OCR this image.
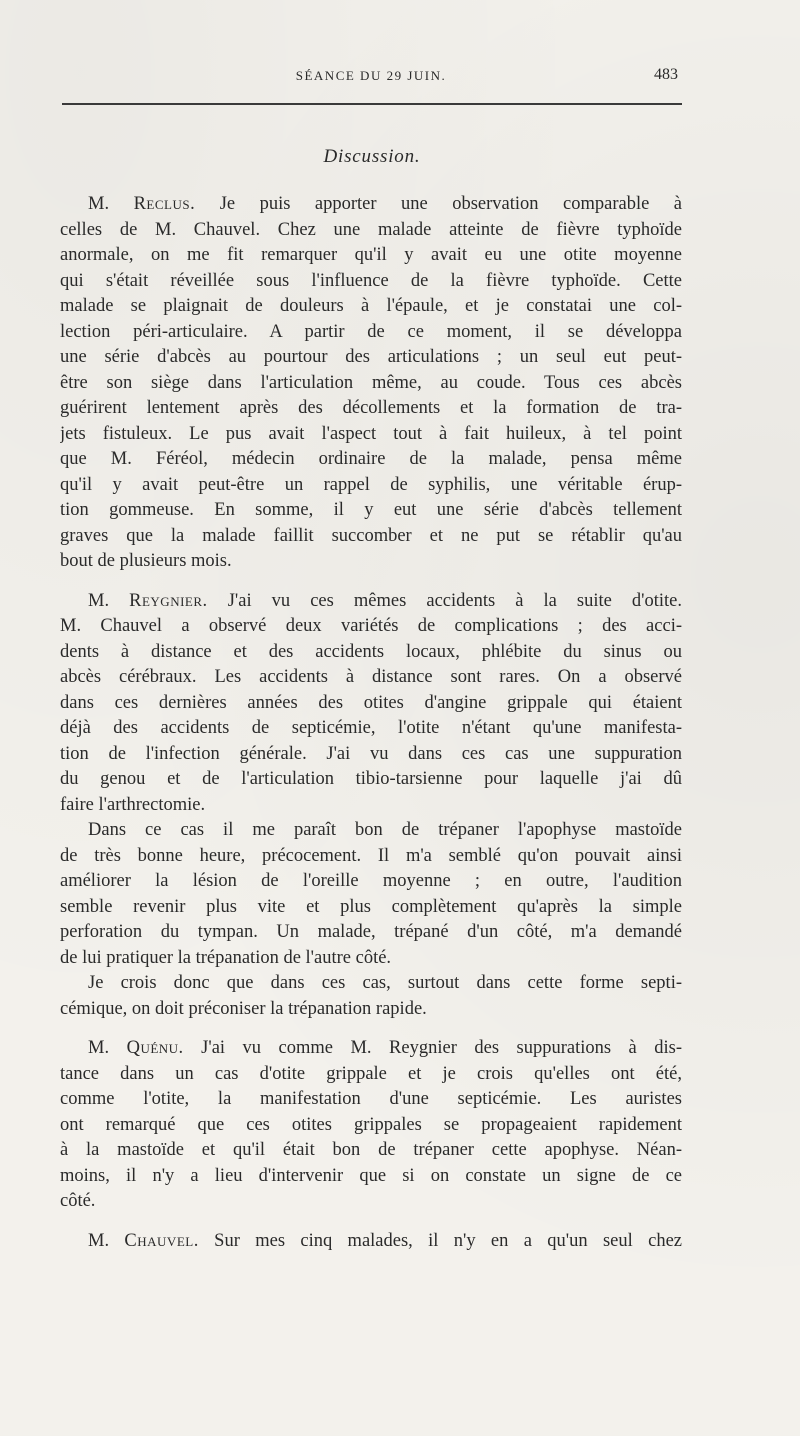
SÉANCE DU 29 JUIN.	483
Discussion.
M. Reclus. Je puis apporter une observation comparable à
celles de M. Chauvel. Chez une malade atteinte de fièvre typhoïde
anormale, on me fit remarquer qu'il y avait eu une otite moyenne
qui s'était réveillée sous l'influence de la fièvre typhoïde. Cette
malade se plaignait de douleurs à l'épaule, et je constatai une col-
lection péri-articulaire. A partir de ce moment, il se développa
une série d'abcès au pourtour des articulations ; un seul eut peut-
être son siège dans l'articulation même, au coude. Tous ces abcès
guérirent lentement après des décollements et la formation de tra-
jets fistuleux. Le pus avait l'aspect tout à fait huileux, à tel point
que M. Féréol, médecin ordinaire de la malade, pensa même
qu'il y avait peut-être un rappel de syphilis, une véritable érup-
tion gommeuse. En somme, il y eut une série d'abcès tellement
graves que la malade faillit succomber et ne put se rétablir qu'au
bout de plusieurs mois.
M. Reygnier. J'ai vu ces mêmes accidents à la suite d'otite.
M. Chauvel a observé deux variétés de complications ; des acci-
dents à distance et des accidents locaux, phlébite du sinus ou
abcès cérébraux. Les accidents à distance sont rares. On a observé
dans ces dernières années des otites d'angine grippale qui étaient
déjà des accidents de septicémie, l'otite n'étant qu'une manifesta-
tion de l'infection générale. J'ai vu dans ces cas une suppuration
du genou et de l'articulation tibio-tarsienne pour laquelle j'ai dû
faire l'arthrectomie.
Dans ce cas il me paraît bon de trépaner l'apophyse mastoïde
de très bonne heure, précocement. Il m'a semblé qu'on pouvait ainsi
améliorer la lésion de l'oreille moyenne ; en outre, l'audition
semble revenir plus vite et plus complètement qu'après la simple
perforation du tympan. Un malade, trépané d'un côté, m'a demandé
de lui pratiquer la trépanation de l'autre côté.
Je crois donc que dans ces cas, surtout dans cette forme septi-
cémique, on doit préconiser la trépanation rapide.
M. Quénu. J'ai vu comme M. Reygnier des suppurations à dis-
tance dans un cas d'otite grippale et je crois qu'elles ont été,
comme l'otite, la manifestation d'une septicémie. Les auristes
ont remarqué que ces otites grippales se propageaient rapidement
à la mastoïde et qu'il était bon de trépaner cette apophyse. Néan-
moins, il n'y a lieu d'intervenir que si on constate un signe de ce
côté.
M. Chauvel. Sur mes cinq malades, il n'y en a qu'un seul chez
